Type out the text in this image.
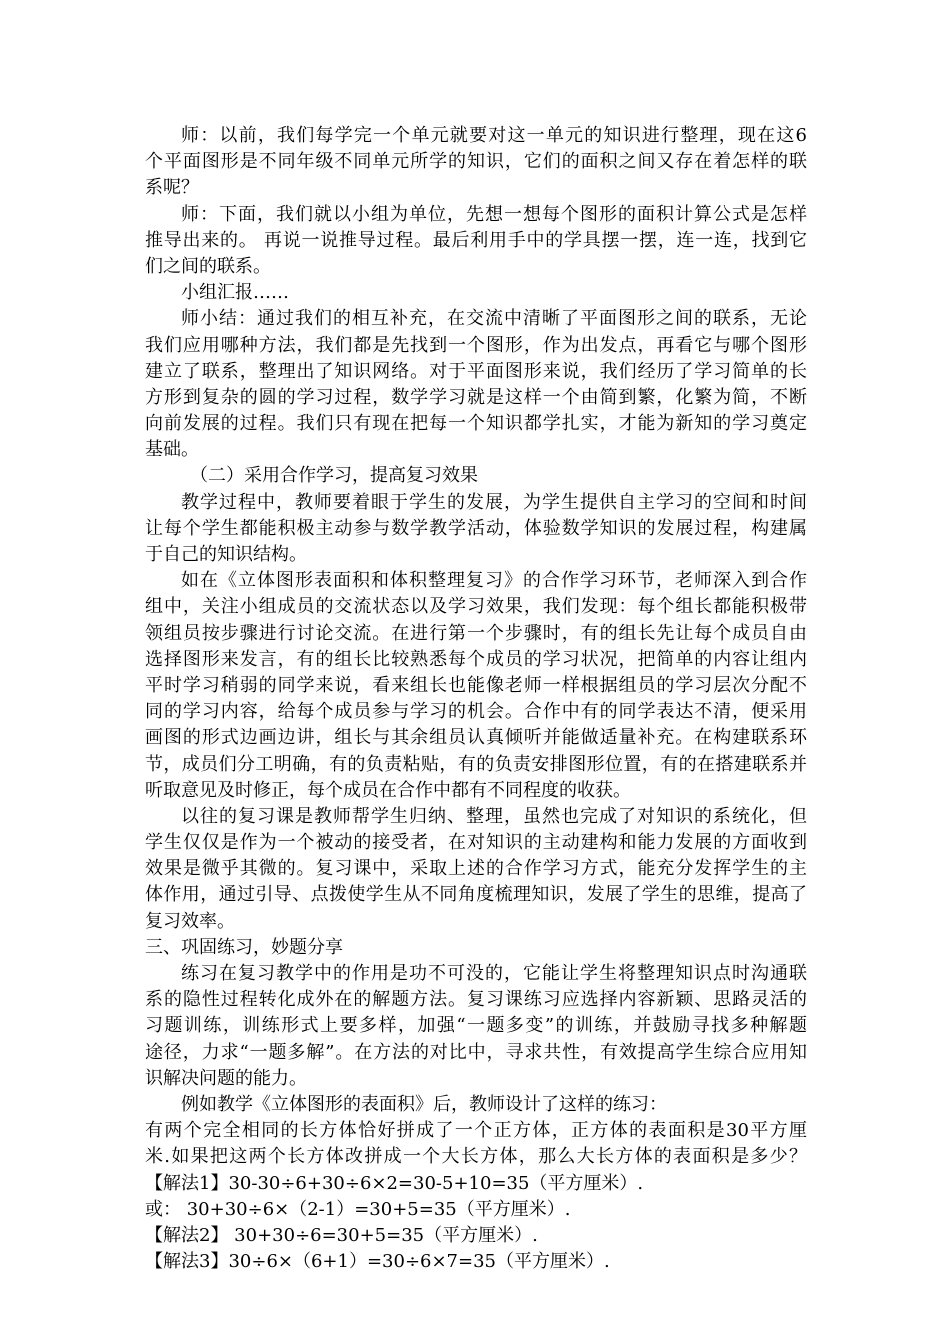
师：以前，我们每学完一个单元就要对这一单元的知识进行整理，现在这6
个平面图形是不同年级不同单元所学的知识，它们的面积之间又存在着怎样的联
系呢？
师：下面，我们就以小组为单位，先想一想每个图形的面积计算公式是怎样
推导出来的。 再说一说推导过程。最后利用手中的学具摆一摆，连一连，找到它
们之间的联系。
小组汇报……
师小结：通过我们的相互补充，在交流中清晰了平面图形之间的联系，无论
我们应用哪种方法，我们都是先找到一个图形，作为出发点，再看它与哪个图形
建立了联系，整理出了知识网络。对于平面图形来说，我们经历了学习简单的长
方形到复杂的圆的学习过程，数学学习就是这样一个由简到繁，化繁为简，不断
向前发展的过程。我们只有现在把每一个知识都学扎实，才能为新知的学习奠定
基础。
（二）采用合作学习，提高复习效果
教学过程中，教师要着眼于学生的发展，为学生提供自主学习的空间和时间
让每个学生都能积极主动参与数学教学活动，体验数学知识的发展过程，构建属
于自己的知识结构。
如在《立体图形表面积和体积整理复习》的合作学习环节，老师深入到合作
组中，关注小组成员的交流状态以及学习效果，我们发现：每个组长都能积极带
领组员按步骤进行讨论交流。在进行第一个步骤时，有的组长先让每个成员自由
选择图形来发言，有的组长比较熟悉每个成员的学习状况，把简单的内容让组内
平时学习稍弱的同学来说，看来组长也能像老师一样根据组员的学习层次分配不
同的学习内容，给每个成员参与学习的机会。合作中有的同学表达不清，便采用
画图的形式边画边讲，组长与其余组员认真倾听并能做适量补充。在构建联系环
节，成员们分工明确，有的负责粘贴，有的负责安排图形位置，有的在搭建联系并
听取意见及时修正，每个成员在合作中都有不同程度的收获。
以往的复习课是教师帮学生归纳、整理，虽然也完成了对知识的系统化，但
学生仅仅是作为一个被动的接受者，在对知识的主动建构和能力发展的方面收到
效果是微乎其微的。复习课中，采取上述的合作学习方式，能充分发挥学生的主
体作用，通过引导、点拨使学生从不同角度梳理知识，发展了学生的思维，提高了
复习效率。
三、巩固练习，妙题分享
练习在复习教学中的作用是功不可没的，它能让学生将整理知识点时沟通联
系的隐性过程转化成外在的解题方法。复习课练习应选择内容新颖、思路灵活的
习题训练，训练形式上要多样，加强“一题多变”的训练，并鼓励寻找多种解题
途径，力求“一题多解”。在方法的对比中，寻求共性，有效提高学生综合应用知
识解决问题的能力。
例如教学《立体图形的表面积》后，教师设计了这样的练习：
有两个完全相同的长方体恰好拼成了一个正方体，正方体的表面积是30平方厘
米.如果把这两个长方体改拼成一个大长方体，那么大长方体的表面积是多少？
【解法1】30-30÷6+30÷6×2=30-5+10=35（平方厘米）.
或： 30+30÷6×（2-1）=30+5=35（平方厘米）.
【解法2】 30+30÷6=30+5=35（平方厘米）.
【解法3】30÷6×（6+1）=30÷6×7=35（平方厘米）.
